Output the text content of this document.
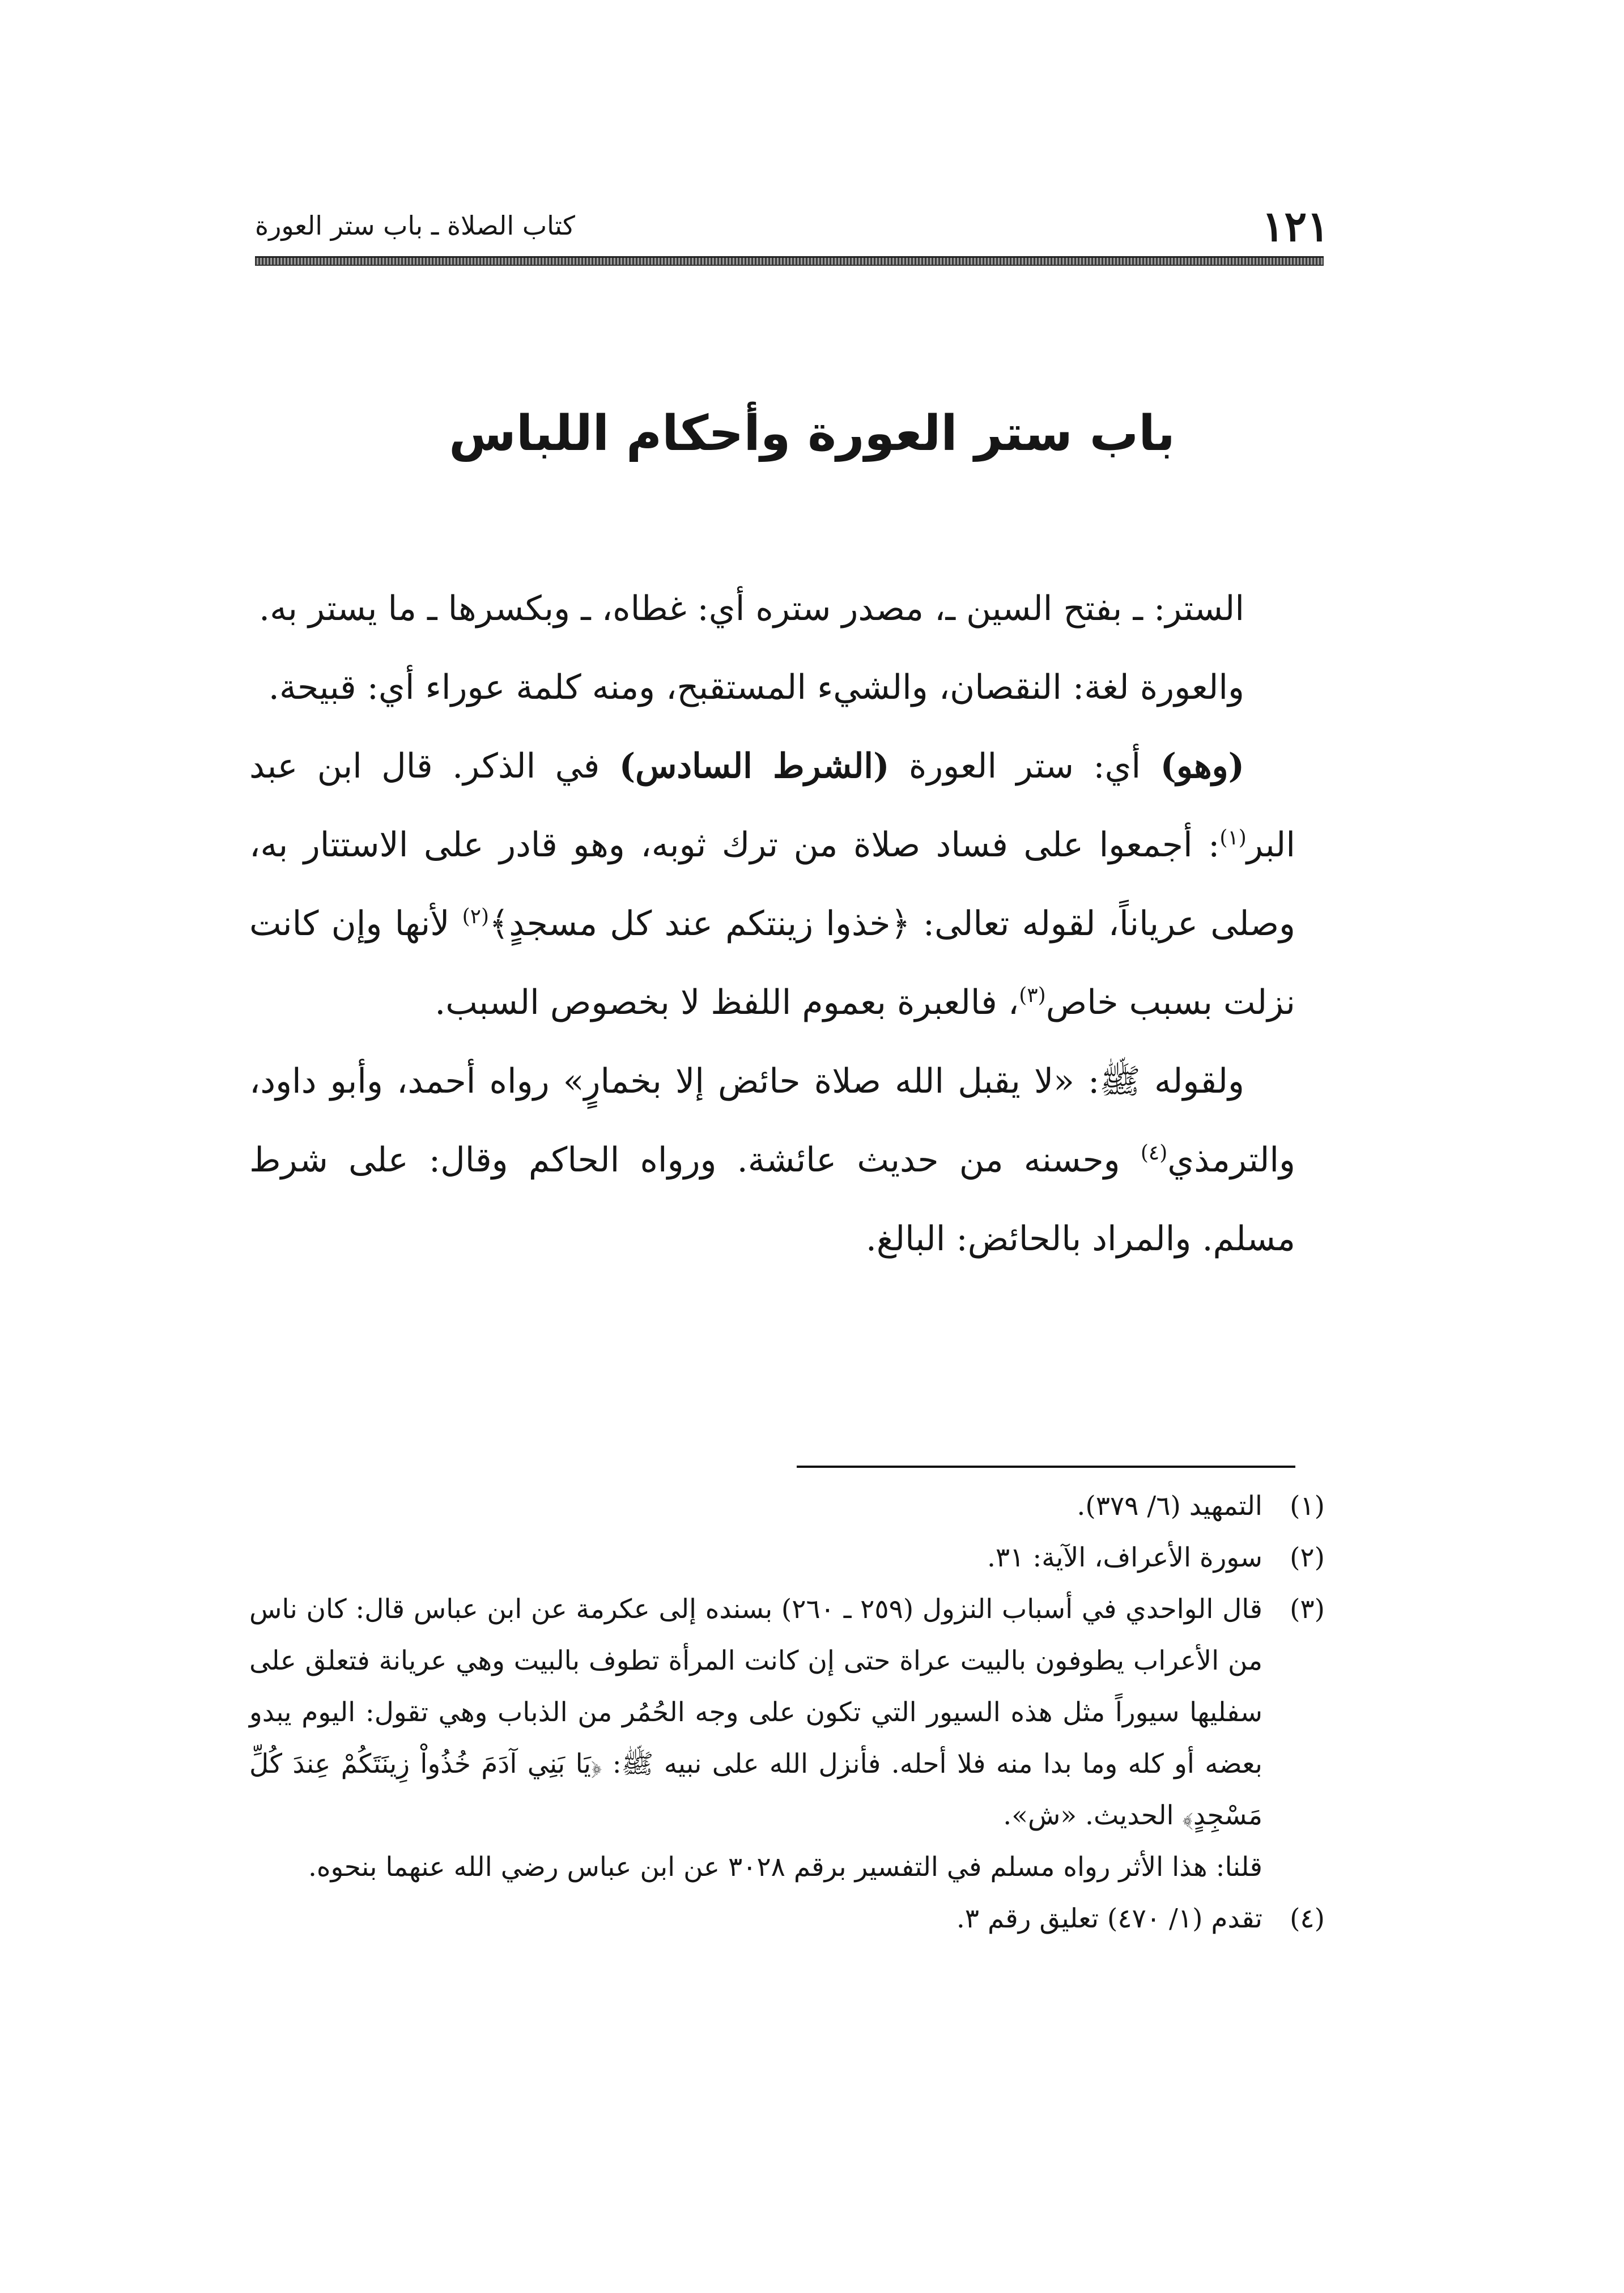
١٢١
كتاب الصلاة ـ باب ستر العورة
باب ستر العورة وأحكام اللباس

الستر: ـ بفتح السين ـ، مصدر ستره أي: غطاه، ـ وبكسرها ـ ما يستر به.

والعورة لغة: النقصان، والشيء المستقبح، ومنه كلمة عوراء أي: قبيحة.

(وهو) أي: ستر العورة (الشرط السادس) في الذكر. قال ابن عبد البر$^{(١)}$: أجمعوا على فساد صلاة من ترك ثوبه، وهو قادر على الاستتار به، وصلى عرياناً، لقوله تعالى: ﴿خذوا زينتكم عند كل مسجدٍ﴾$^{(٢)}$ لأنها وإن كانت نزلت بسبب خاص$^{(٣)}$، فالعبرة بعموم اللفظ لا بخصوص السبب.

ولقوله ﷺ: «لا يقبل الله صلاة حائض إلا بخمارٍ» رواه أحمد، وأبو داود، والترمذي$^{(٤)}$ وحسنه من حديث عائشة. ورواه الحاكم وقال: على شرط مسلم. والمراد بالحائض: البالغ.

(١)
التمهيد (٦/ ٣٧٩).
(٢)
سورة الأعراف، الآية: ٣١.
(٣)
قال الواحدي في أسباب النزول (٢٥٩ ـ ٢٦٠) بسنده إلى عكرمة عن ابن عباس قال: كان ناس من الأعراب يطوفون بالبيت عراة حتى إن كانت المرأة تطوف بالبيت وهي عريانة فتعلق على سفليها سيوراً مثل هذه السيور التي تكون على وجه الحُمُر من الذباب وهي تقول: اليوم يبدو بعضه أو كله وما بدا منه فلا أحله. فأنزل الله على نبيه ﷺ: ﴿يَا بَنِي آدَمَ خُذُواْ زِينَتَكُمْ عِندَ كُلِّ مَسْجِدٍ﴾ الحديث. «ش».
قلنا: هذا الأثر رواه مسلم في التفسير برقم ٣٠٢٨ عن ابن عباس رضي الله عنهما بنحوه.
(٤)
تقدم (١/ ٤٧٠) تعليق رقم ٣.
